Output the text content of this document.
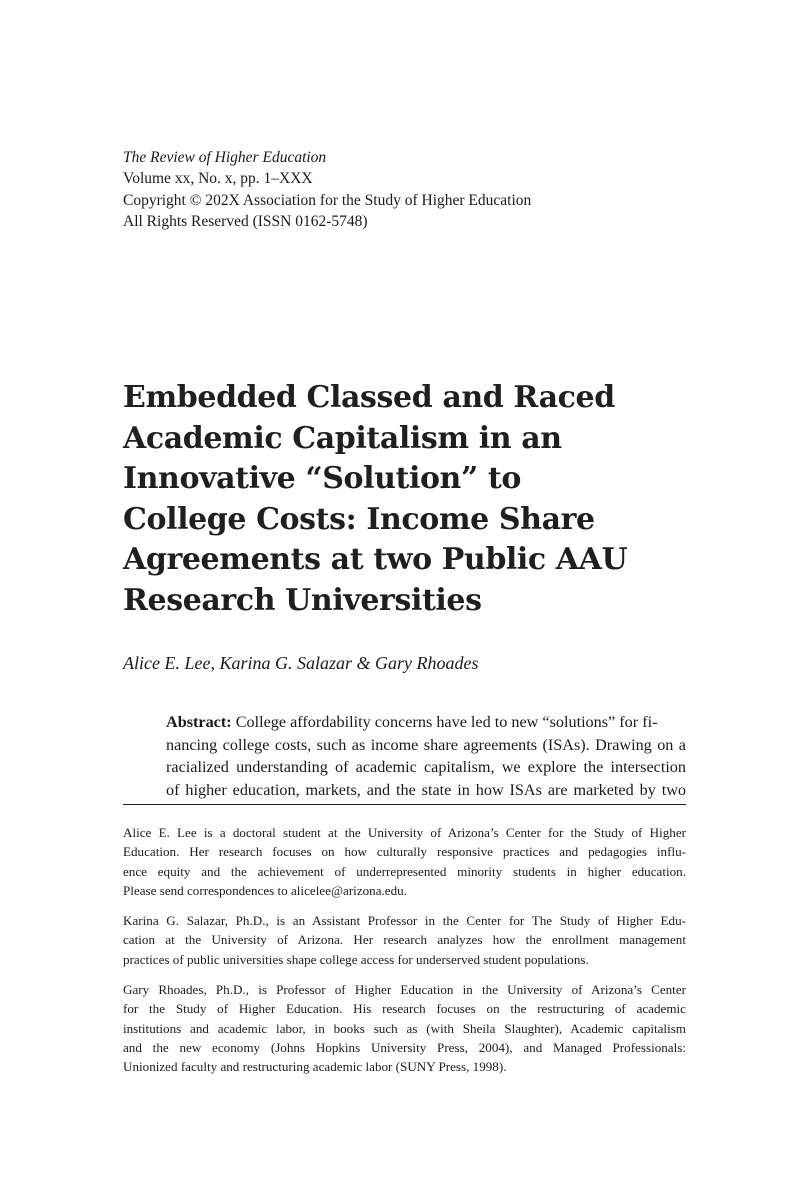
The Review of Higher Education
Volume xx, No. x, pp. 1–XXX
Copyright © 202X Association for the Study of Higher Education
All Rights Reserved (ISSN 0162-5748)
Embedded Classed and Raced
Academic Capitalism in an
Innovative “Solution” to
College Costs: Income Share
Agreements at two Public AAU
Research Universities
Alice E. Lee, Karina G. Salazar & Gary Rhoades
Abstract: College affordability concerns have led to new “solutions” for fi-
nancing college costs, such as income share agreements (ISAs). Drawing on a
racialized understanding of academic capitalism, we explore the intersection
of higher education, markets, and the state in how ISAs are marketed by two
Alice E. Lee is a doctoral student at the University of Arizona’s Center for the Study of Higher
Education. Her research focuses on how culturally responsive practices and pedagogies influ-
ence equity and the achievement of underrepresented minority students in higher education.
Please send correspondences to alicelee@arizona.edu.
Karina G. Salazar, Ph.D., is an Assistant Professor in the Center for The Study of Higher Edu-
cation at the University of Arizona. Her research analyzes how the enrollment management
practices of public universities shape college access for underserved student populations.
Gary Rhoades, Ph.D., is Professor of Higher Education in the University of Arizona’s Center
for the Study of Higher Education. His research focuses on the restructuring of academic
institutions and academic labor, in books such as (with Sheila Slaughter), Academic capitalism
and the new economy (Johns Hopkins University Press, 2004), and Managed Professionals:
Unionized faculty and restructuring academic labor (SUNY Press, 1998).
